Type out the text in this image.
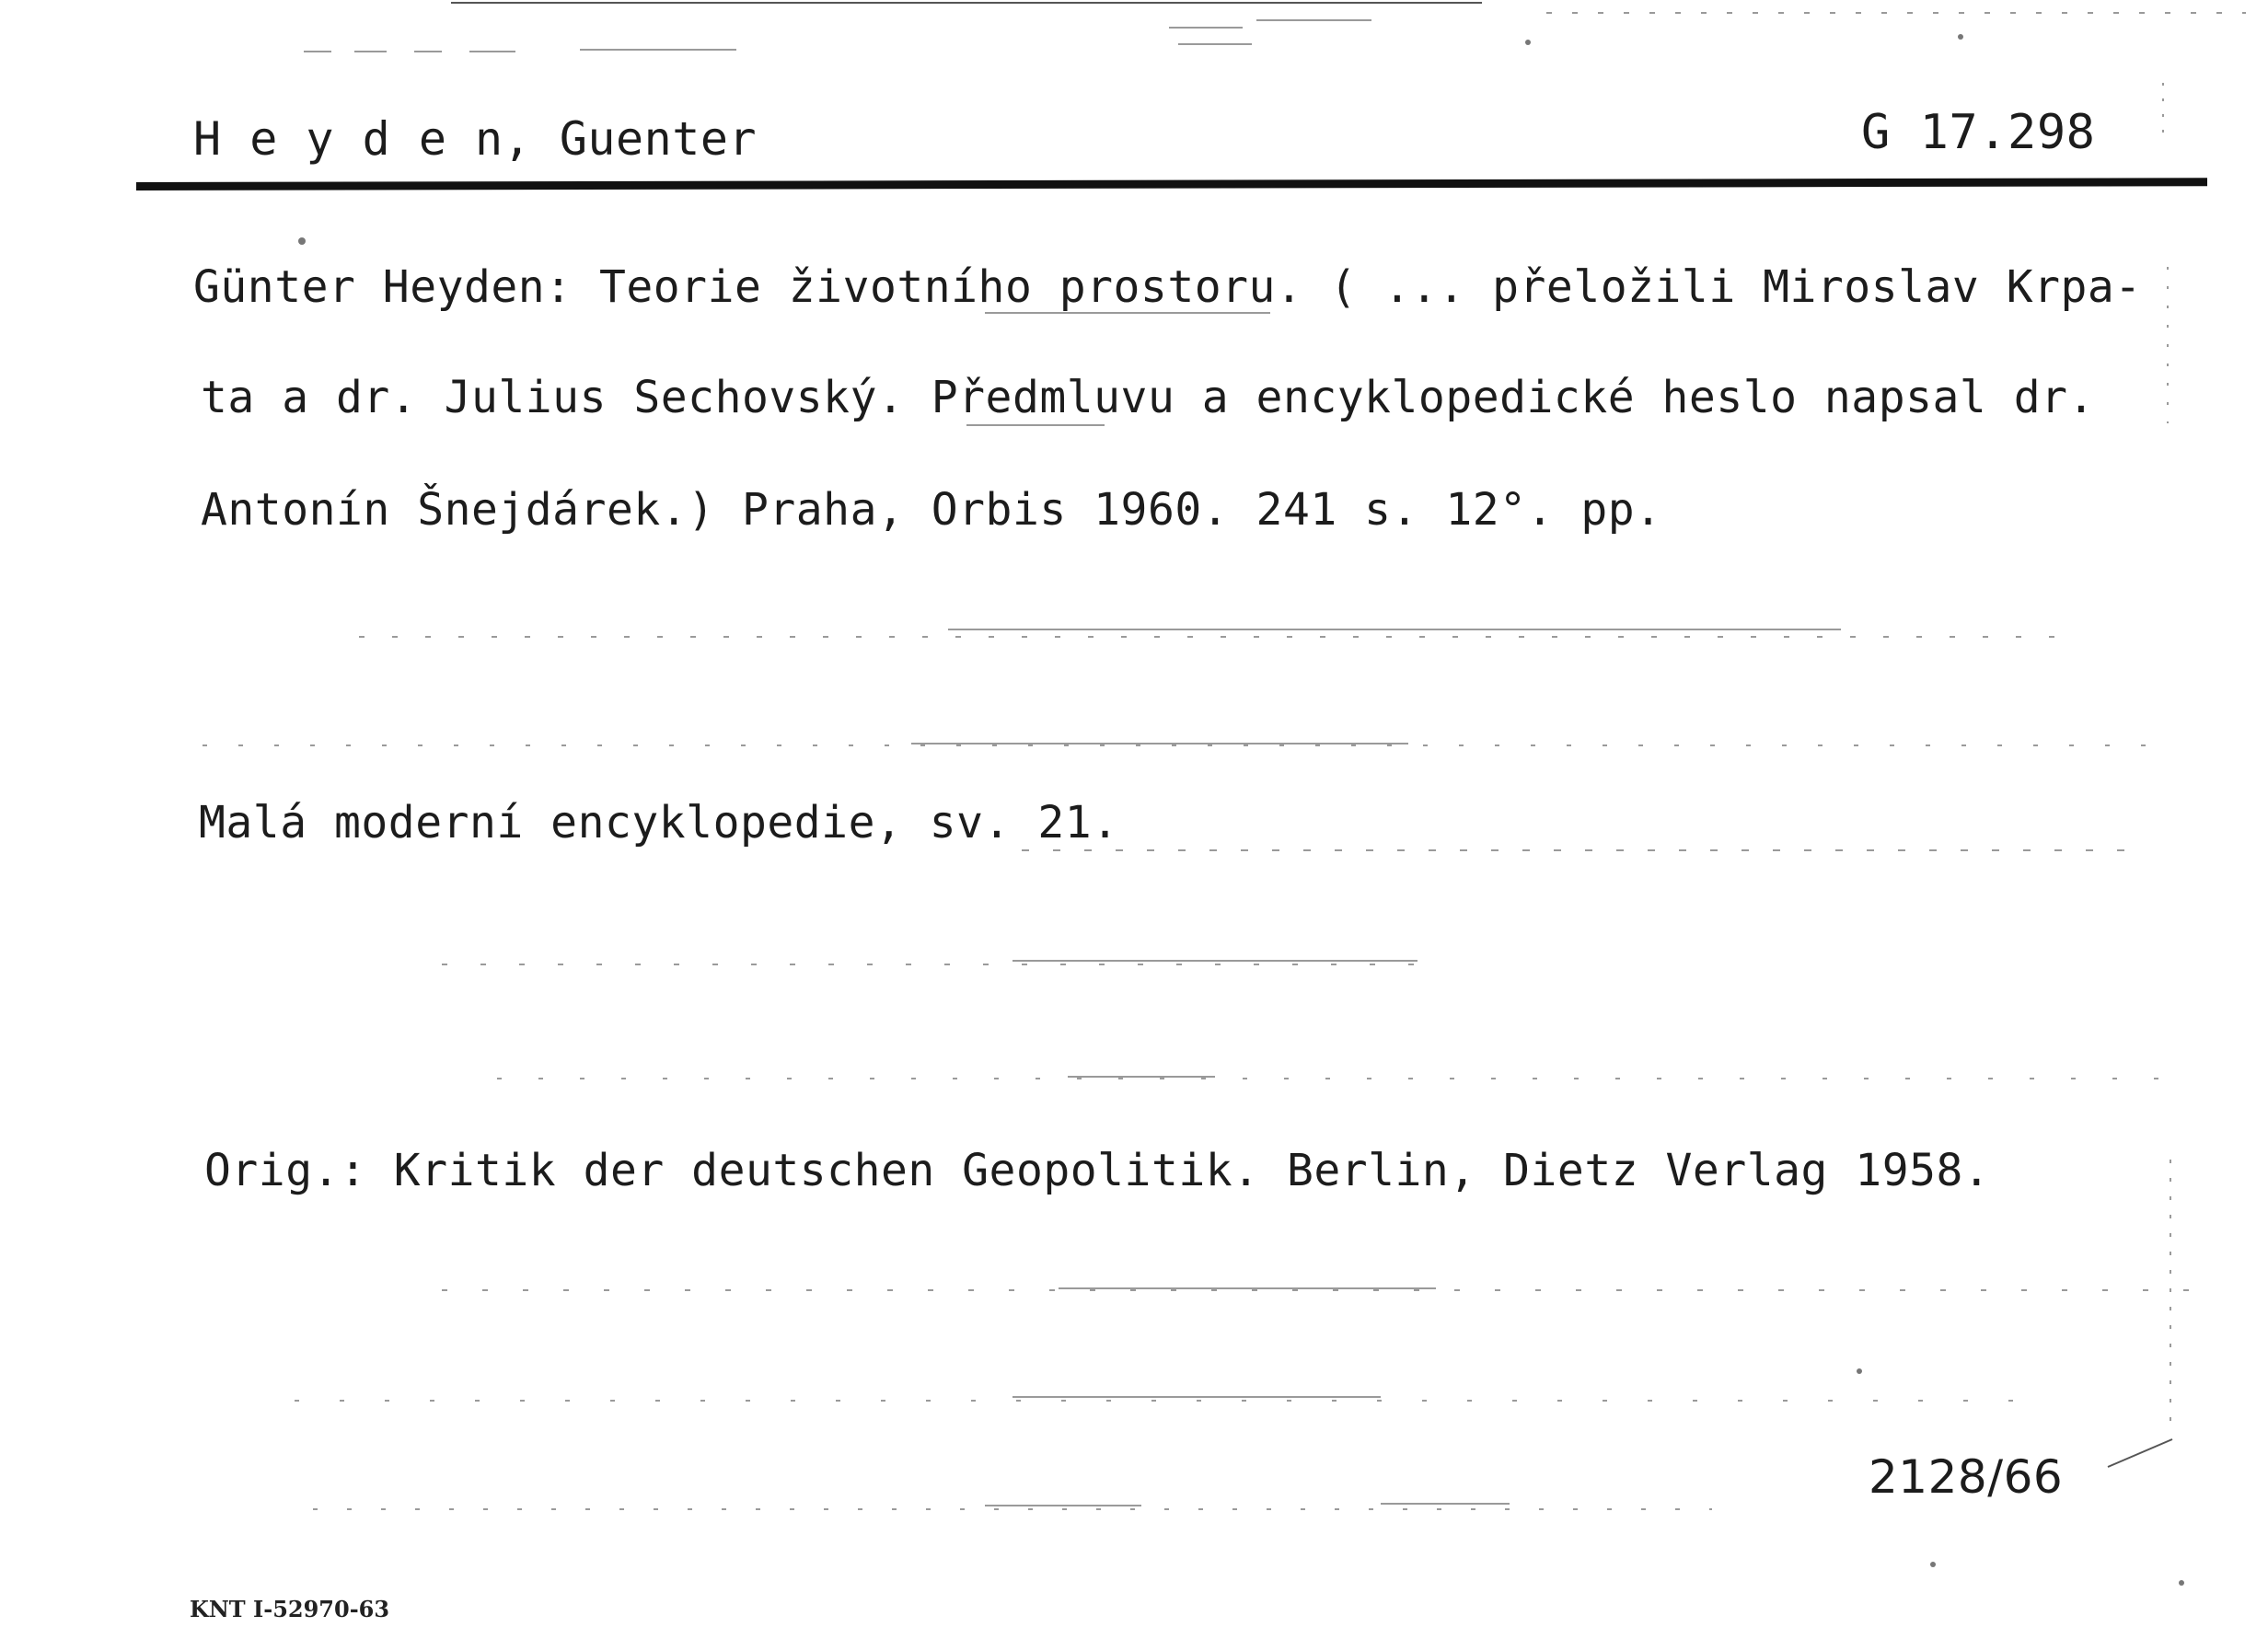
H e y d e n, Guenter	G 17.298
Günter Heyden: Teorie životního prostoru. ( ... přeložili Miroslav Krpa-
ta a dr. Julius Sechovský. Předmluvu a encyklopedické heslo napsal dr.
Antonín Šnejdárek.) Praha, Orbis 1960. 241 s. 12°. pp.
Malá moderní encyklopedie, sv. 21.
Orig.: Kritik der deutschen Geopolitik. Berlin, Dietz Verlag 1958.
2128/66
KNT I-52970-63
